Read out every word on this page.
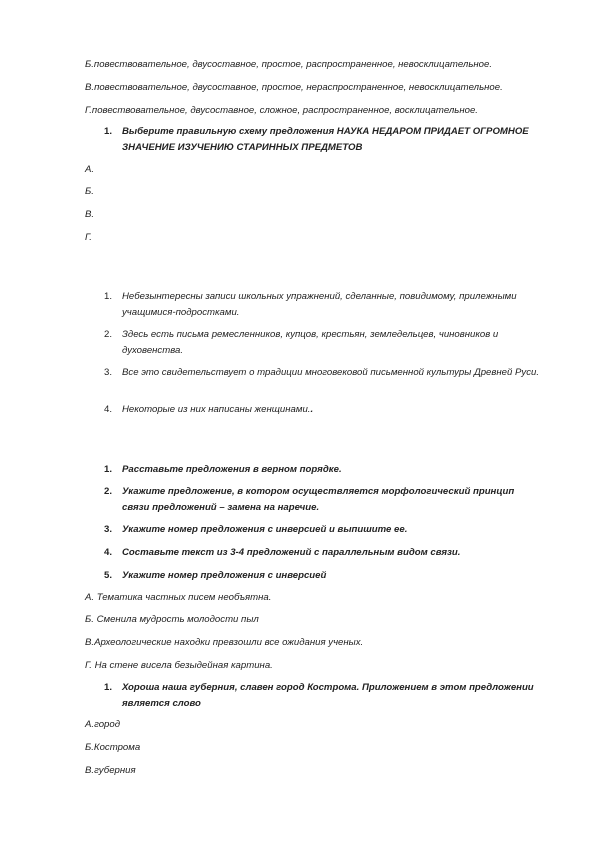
Б.повествовательное, двусоставное, простое, распространенное, невосклицательное.
В.повествовательное, двусоставное, простое, нераспространенное, невосклицательное.
Г.повествовательное, двусоставное, сложное, распространенное, восклицательное.
1. Выберите правильную схему предложения НАУКА НЕДАРОМ ПРИДАЕТ ОГРОМНОЕ ЗНАЧЕНИЕ ИЗУЧЕНИЮ СТАРИННЫХ ПРЕДМЕТОВ
А.
Б.
В.
Г.
1. Небезынтересны записи школьных упражнений, сделанные, повидимому, прилежными учащимися-подростками.
2. Здесь есть письма ремесленников, купцов, крестьян, земледельцев, чиновников и духовенства.
3. Все это свидетельствует о традиции многовековой письменной культуры Древней Руси.
4. Некоторые из них написаны женщинами..
1. Расставьте предложения в верном порядке.
2. Укажите предложение, в котором осуществляется морфологический принцип связи предложений – замена на наречие.
3. Укажите номер предложения с инверсией и выпишите ее.
4. Составьте текст из 3-4 предложений с параллельным видом связи.
5. Укажите номер предложения с инверсией
А. Тематика частных писем необъятна.
Б. Сменила мудрость молодости пыл
В.Археологические находки превзошли все ожидания ученых.
Г. На стене висела безыдейная картина.
1. Хороша наша губерния, славен город Кострома. Приложением в этом предложении является слово
А.город
Б.Кострома
В.губерния
